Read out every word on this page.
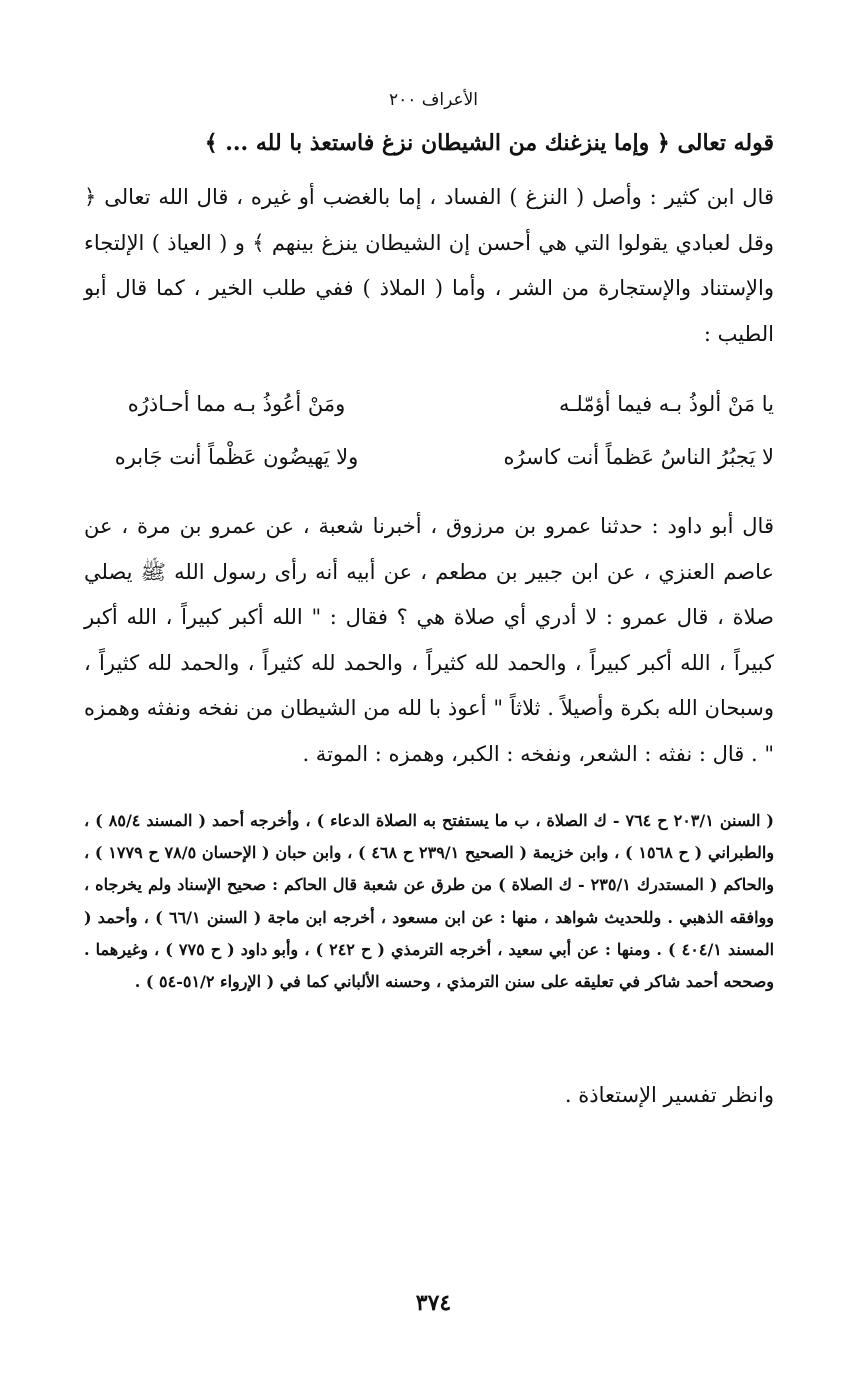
الأعراف ٢٠٠
قوله تعالى ﴿ وإما ينزغنك من الشيطان نزغ فاستعذ با لله ... ﴾
قال ابن كثير : وأصل ( النزغ ) الفساد ، إما بالغضب أو غيره ، قال الله تعالى ﴿ وقل لعبادي يقولوا التي هي أحسن إن الشيطان ينزغ بينهم ﴾ و ( العياذ ) الإلتجاء والإستناد والإستجارة من الشر ، وأما ( الملاذ ) ففي طلب الخير ، كما قال أبو الطيب :
يا مَنْ ألوذُ بـه فيما أؤمّلـه
ومَنْ أعُوذُ بـه مما أحـاذرُه
لا يَجبُرُ الناسُ عَظماً أنت كاسرُه
ولا يَهيضُون عَظْماً أنت جَابره
قال أبو داود : حدثنا عمرو بن مرزوق ، أخبرنا شعبة ، عن عمرو بن مرة ، عن عاصم العنزي ، عن ابن جبير بن مطعم ، عن أبيه أنه رأى رسول الله ﷺ يصلي صلاة ، قال عمرو : لا أدري أي صلاة هي ؟ فقال : " الله أكبر كبيراً ، الله أكبر كبيراً ، الله أكبر كبيراً ، والحمد لله كثيراً ، والحمد لله كثيراً ، والحمد لله كثيراً ، وسبحان الله بكرة وأصيلاً . ثلاثاً " أعوذ با لله من الشيطان من نفخه ونفثه وهمزه " . قال : نفثه : الشعر، ونفخه : الكبر، وهمزه : الموتة .
( السنن ٢٠٣/١ ح ٧٦٤ - ك الصلاة ، ب ما يستفتح به الصلاة الدعاء ) ، وأخرجه أحمد ( المسند ٨٥/٤ ) ، والطبراني ( ح ١٥٦٨ ) ، وابن خزيمة ( الصحيح ٢٣٩/١ ح ٤٦٨ ) ، وابن حبان ( الإحسان ٧٨/٥ ح ١٧٧٩ ) ، والحاكم ( المستدرك ٢٣٥/١ - ك الصلاة ) من طرق عن شعبة قال الحاكم : صحيح الإسناد ولم يخرجاه ، ووافقه الذهبي . وللحديث شواهد ، منها : عن ابن مسعود ، أخرجه ابن ماجة ( السنن ٦٦/١ ) ، وأحمد ( المسند ٤٠٤/١ ) . ومنها : عن أبي سعيد ، أخرجه الترمذي ( ح ٢٤٢ ) ، وأبو داود ( ح ٧٧٥ ) ، وغيرهما . وصححه أحمد شاكر في تعليقه على سنن الترمذي ، وحسنه الألباني كما في ( الإرواء ٥١/٢-٥٤ ) .
وانظر تفسير الإستعاذة .
٣٧٤
